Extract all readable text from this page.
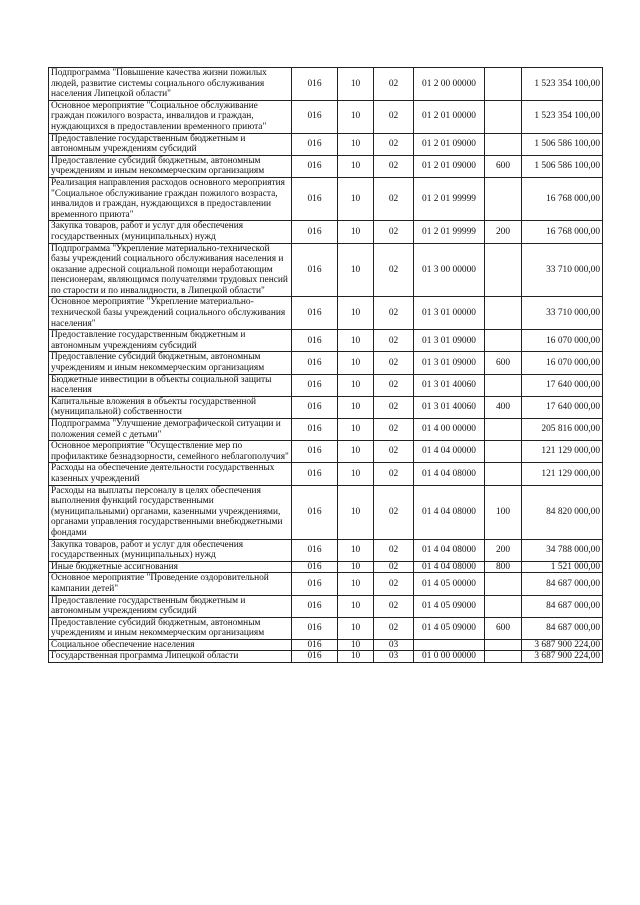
Подпрограмма "Повышение качества жизни пожилых людей, развитие системы социального обслуживания населения Липецкой области"	016	10	02	01 2 00 00000		1 523 354 100,00
Основное мероприятие "Социальное обслуживание граждан пожилого возраста, инвалидов и граждан, нуждающихся в предоставлении временного приюта"	016	10	02	01 2 01 00000		1 523 354 100,00
Предоставление государственным бюджетным и автономным учреждениям субсидий	016	10	02	01 2 01 09000		1 506 586 100,00
Предоставление субсидий бюджетным, автономным учреждениям и иным некоммерческим организациям	016	10	02	01 2 01 09000	600	1 506 586 100,00
Реализация направления расходов основного мероприятия "Социальное обслуживание граждан пожилого возраста, инвалидов и граждан, нуждающихся в предоставлении временного приюта"	016	10	02	01 2 01 99999		16 768 000,00
Закупка товаров, работ и услуг для обеспечения государственных (муниципальных) нужд	016	10	02	01 2 01 99999	200	16 768 000,00
Подпрограмма "Укрепление материально-технической базы учреждений социального обслуживания населения и оказание адресной социальной помощи неработающим пенсионерам, являющимся получателями трудовых пенсий по старости и по инвалидности, в Липецкой области"	016	10	02	01 3 00 00000		33 710 000,00
Основное мероприятие "Укрепление материально-технической базы учреждений социального обслуживания населения"	016	10	02	01 3 01 00000		33 710 000,00
Предоставление государственным бюджетным и автономным учреждениям субсидий	016	10	02	01 3 01 09000		16 070 000,00
Предоставление субсидий бюджетным, автономным учреждениям и иным некоммерческим организациям	016	10	02	01 3 01 09000	600	16 070 000,00
Бюджетные инвестиции в объекты социальной защиты населения	016	10	02	01 3 01 40060		17 640 000,00
Капитальные вложения в объекты государственной (муниципальной) собственности	016	10	02	01 3 01 40060	400	17 640 000,00
Подпрограмма "Улучшение демографической ситуации и положения семей с детьми"	016	10	02	01 4 00 00000		205 816 000,00
Основное мероприятие "Осуществление мер по профилактике безнадзорности, семейного неблагополучия"	016	10	02	01 4 04 00000		121 129 000,00
Расходы на обеспечение деятельности государственных казенных учреждений	016	10	02	01 4 04 08000		121 129 000,00
Расходы на выплаты персоналу в целях обеспечения выполнения функций государственными (муниципальными) органами, казенными учреждениями, органами управления государственными внебюджетными фондами	016	10	02	01 4 04 08000	100	84 820 000,00
Закупка товаров, работ и услуг для обеспечения государственных (муниципальных) нужд	016	10	02	01 4 04 08000	200	34 788 000,00
Иные бюджетные ассигнования	016	10	02	01 4 04 08000	800	1 521 000,00
Основное мероприятие "Проведение оздоровительной кампании детей"	016	10	02	01 4 05 00000		84 687 000,00
Предоставление государственным бюджетным и автономным учреждениям субсидий	016	10	02	01 4 05 09000		84 687 000,00
Предоставление субсидий бюджетным, автономным учреждениям и иным некоммерческим организациям	016	10	02	01 4 05 09000	600	84 687 000,00
Социальное обеспечение населения	016	10	03			3 687 900 224,00
Государственная программа Липецкой области	016	10	03	01 0 00 00000		3 687 900 224,00
